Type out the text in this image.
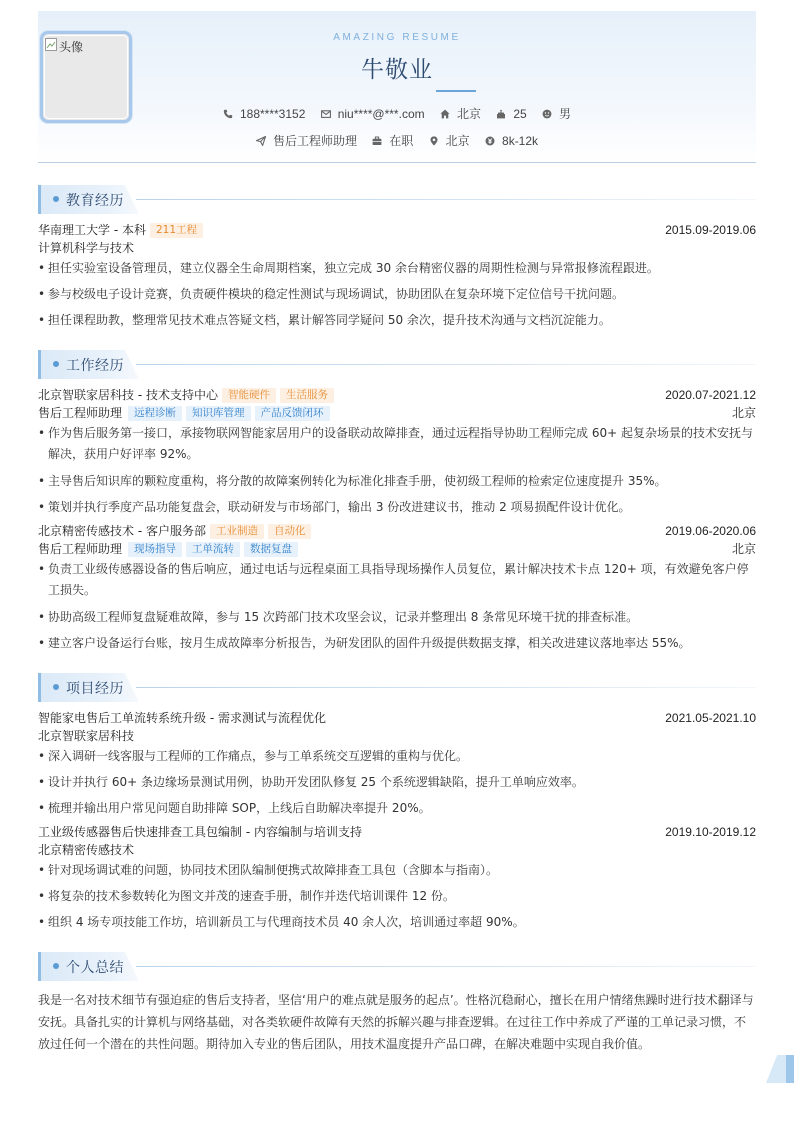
头像
AMAZING RESUME
牛敬业
188****3152	niu****@***.com	北京	25	男
售后工程师助理	在职	北京	8k-12k
教育经历
华南理工大学 - 本科 211工程	2015.09-2019.06
计算机科学与技术
• 担任实验室设备管理员，建立仪器全生命周期档案，独立完成 30 余台精密仪器的周期性检测与异常报修流程跟进。
• 参与校级电子设计竞赛，负责硬件模块的稳定性测试与现场调试，协助团队在复杂环境下定位信号干扰问题。
• 担任课程助教，整理常见技术难点答疑文档，累计解答同学疑问 50 余次，提升技术沟通与文档沉淀能力。
工作经历
北京智联家居科技 - 技术支持中心 智能硬件 生活服务	2020.07-2021.12
售后工程师助理 远程诊断 知识库管理 产品反馈闭环	北京
• 作为售后服务第一接口，承接物联网智能家居用户的设备联动故障排查，通过远程指导协助工程师完成 60+ 起复杂场景的技术安抚与
解决，获用户好评率 92%。
• 主导售后知识库的颗粒度重构，将分散的故障案例转化为标准化排查手册，使初级工程师的检索定位速度提升 35%。
• 策划并执行季度产品功能复盘会，联动研发与市场部门，输出 3 份改进建议书，推动 2 项易损配件设计优化。
北京精密传感技术 - 客户服务部 工业制造 自动化	2019.06-2020.06
售后工程师助理 现场指导 工单流转 数据复盘	北京
• 负责工业级传感器设备的售后响应，通过电话与远程桌面工具指导现场操作人员复位，累计解决技术卡点 120+ 项，有效避免客户停
工损失。
• 协助高级工程师复盘疑难故障，参与 15 次跨部门技术攻坚会议，记录并整理出 8 条常见环境干扰的排查标准。
• 建立客户设备运行台账，按月生成故障率分析报告，为研发团队的固件升级提供数据支撑，相关改进建议落地率达 55%。
项目经历
智能家电售后工单流转系统升级 - 需求测试与流程优化	2021.05-2021.10
北京智联家居科技
• 深入调研一线客服与工程师的工作痛点，参与工单系统交互逻辑的重构与优化。
• 设计并执行 60+ 条边缘场景测试用例，协助开发团队修复 25 个系统逻辑缺陷，提升工单响应效率。
• 梳理并输出用户常见问题自助排障 SOP，上线后自助解决率提升 20%。
工业级传感器售后快速排查工具包编制 - 内容编制与培训支持	2019.10-2019.12
北京精密传感技术
• 针对现场调试难的问题，协同技术团队编制便携式故障排查工具包（含脚本与指南）。
• 将复杂的技术参数转化为图文并茂的速查手册，制作并迭代培训课件 12 份。
• 组织 4 场专项技能工作坊，培训新员工与代理商技术员 40 余人次，培训通过率超 90%。
个人总结
我是一名对技术细节有强迫症的售后支持者，坚信‘用户的难点就是服务的起点’。性格沉稳耐心，擅长在用户情绪焦躁时进行技术翻译与
安抚。具备扎实的计算机与网络基础，对各类软硬件故障有天然的拆解兴趣与排查逻辑。在过往工作中养成了严谨的工单记录习惯，不
放过任何一个潜在的共性问题。期待加入专业的售后团队，用技术温度提升产品口碑，在解决难题中实现自我价值。
